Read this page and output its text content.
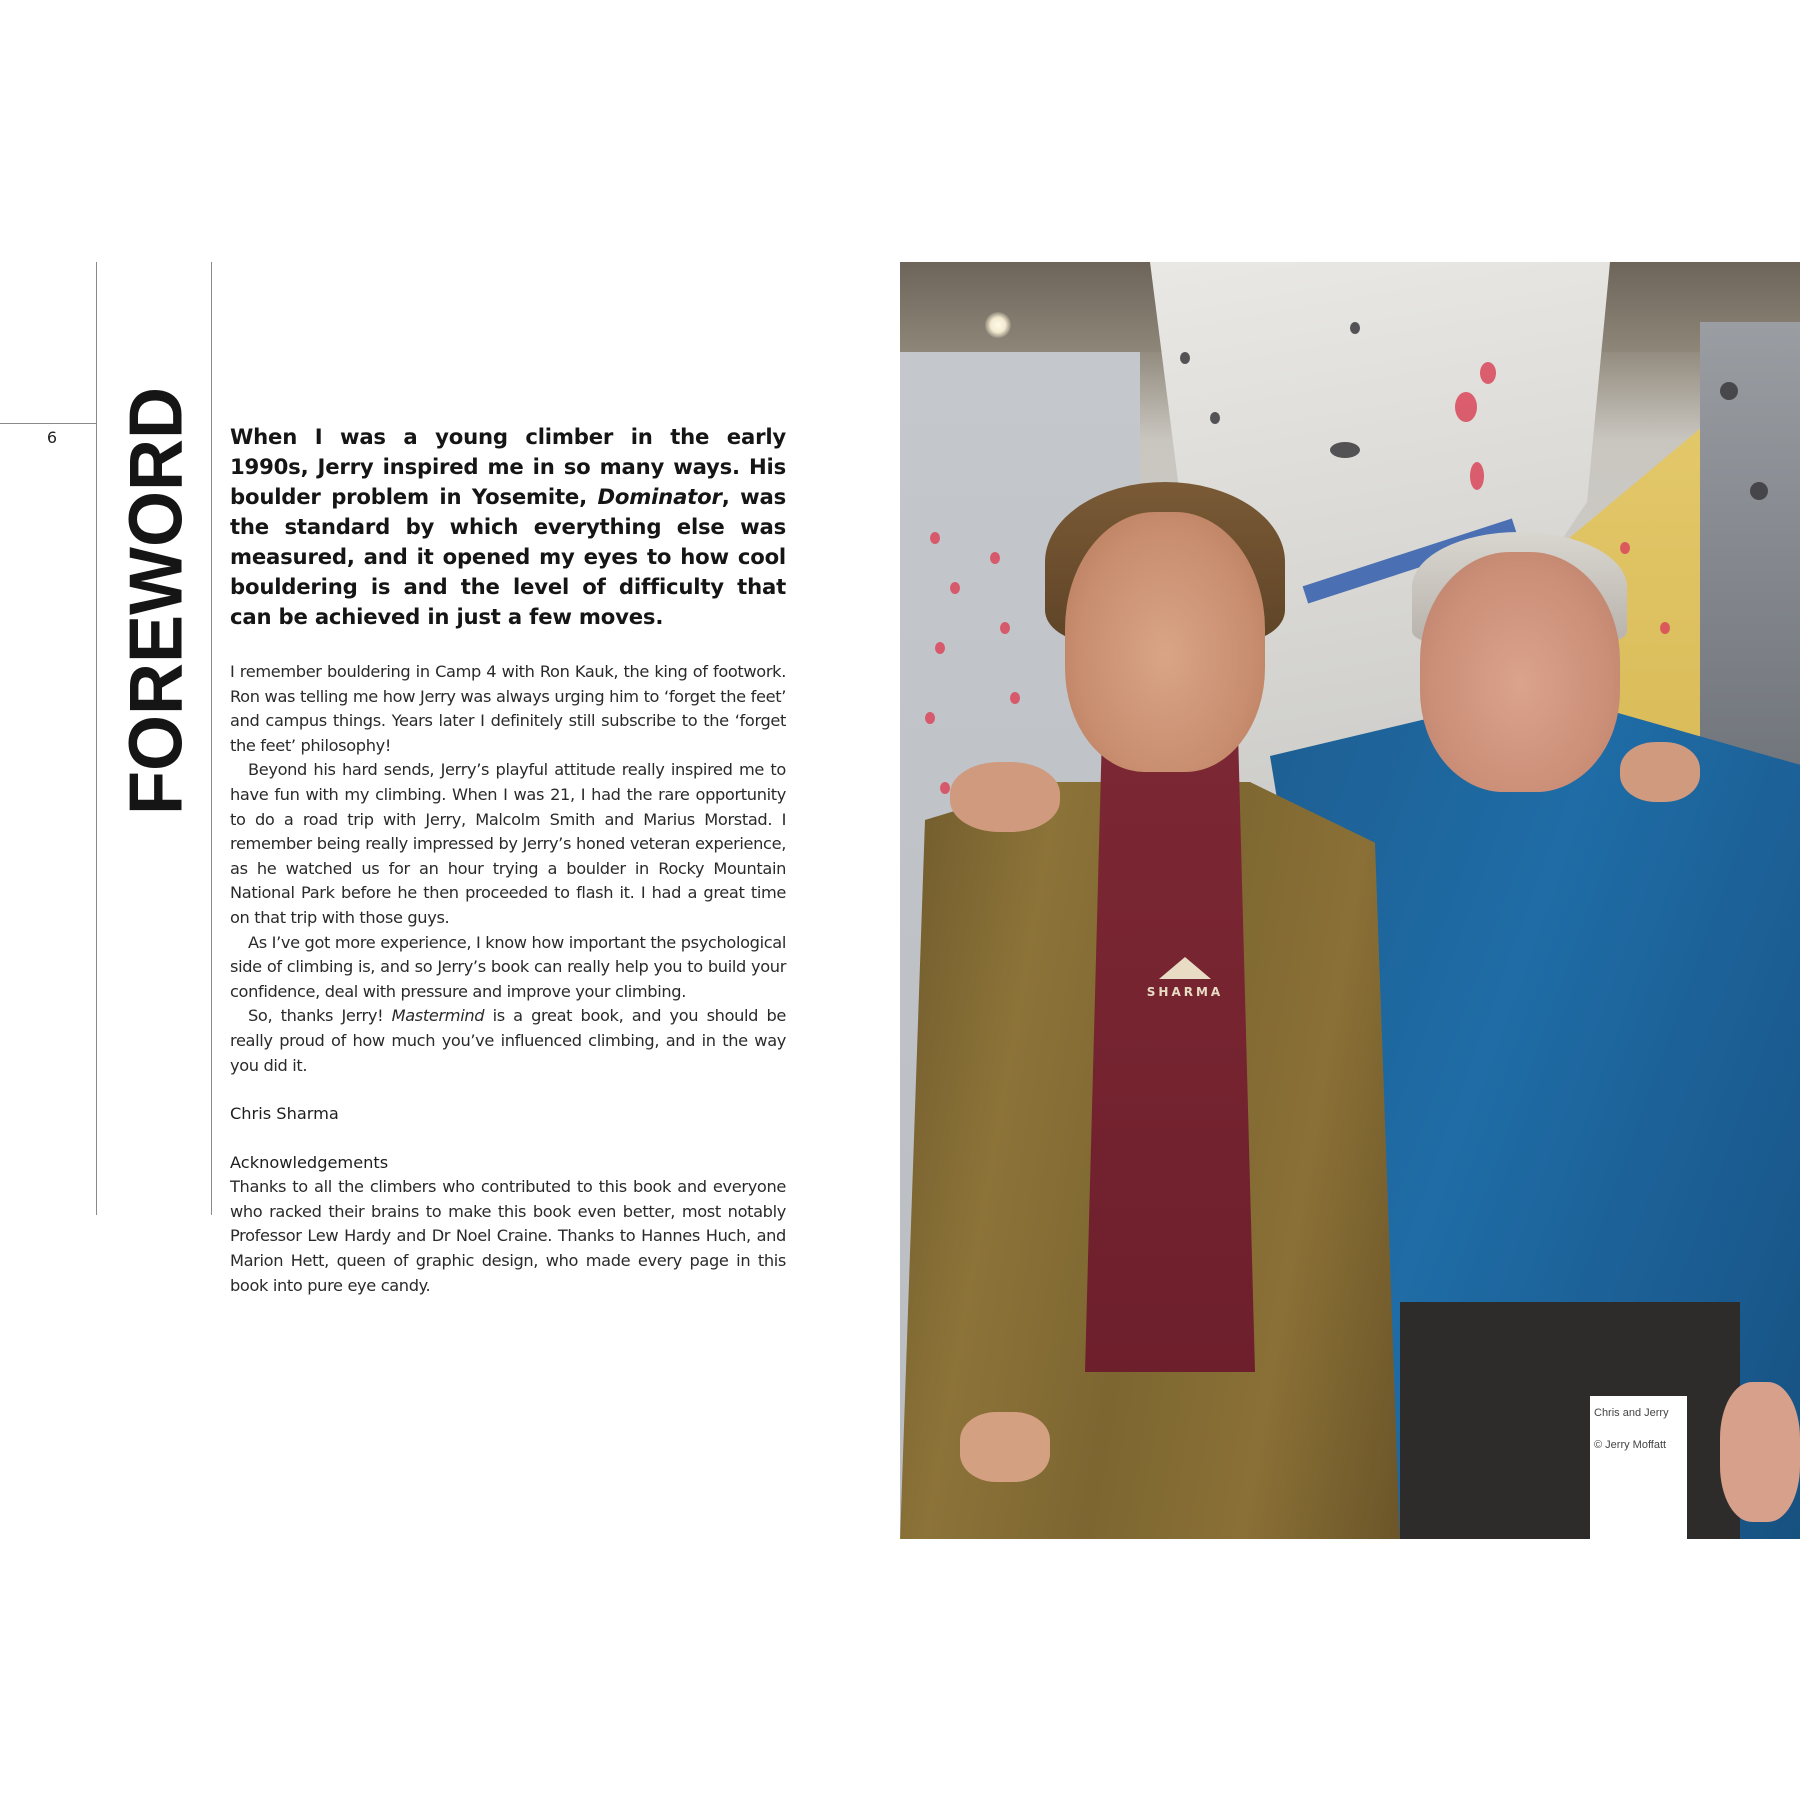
6 FOREWORD When I was a young climber in the early 1990s, Jerry inspired me in so many ways. His boulder problem in Yosemite, Dominator, was the standard by which everything else was measured, and it opened my eyes to how cool bouldering is and the level of difficulty that can be achieved in just a few moves.

I remember bouldering in Camp 4 with Ron Kauk, the king of footwork. Ron was telling me how Jerry was always urging him to ‘forget the feet’ and campus things. Years later I definitely still subscribe to the ‘forget the feet’ philosophy!

Beyond his hard sends, Jerry’s playful attitude really inspired me to have fun with my climbing. When I was 21, I had the rare opportunity to do a road trip with Jerry, Malcolm Smith and Marius Morstad. I remember being really impressed by Jerry’s honed veteran experience, as he watched us for an hour trying a boulder in Rocky Mountain National Park before he then proceeded to flash it. I had a great time on that trip with those guys.

As I’ve got more experience, I know how important the psychological side of climbing is, and so Jerry’s book can really help you to build your confidence, deal with pressure and improve your climbing.

So, thanks Jerry! Mastermind is a great book, and you should be really proud of how much you’ve influenced climbing, and in the way you did it.

Chris Sharma
Acknowledgements
Thanks to all the climbers who contributed to this book and everyone who racked their brains to make this book even better, most notably Professor Lew Hardy and Dr Noel Craine. Thanks to Hannes Huch, and Marion Hett, queen of graphic design, who made every page in this book into pure eye candy.
SHARMA
Chris and Jerry
© Jerry Moffatt
